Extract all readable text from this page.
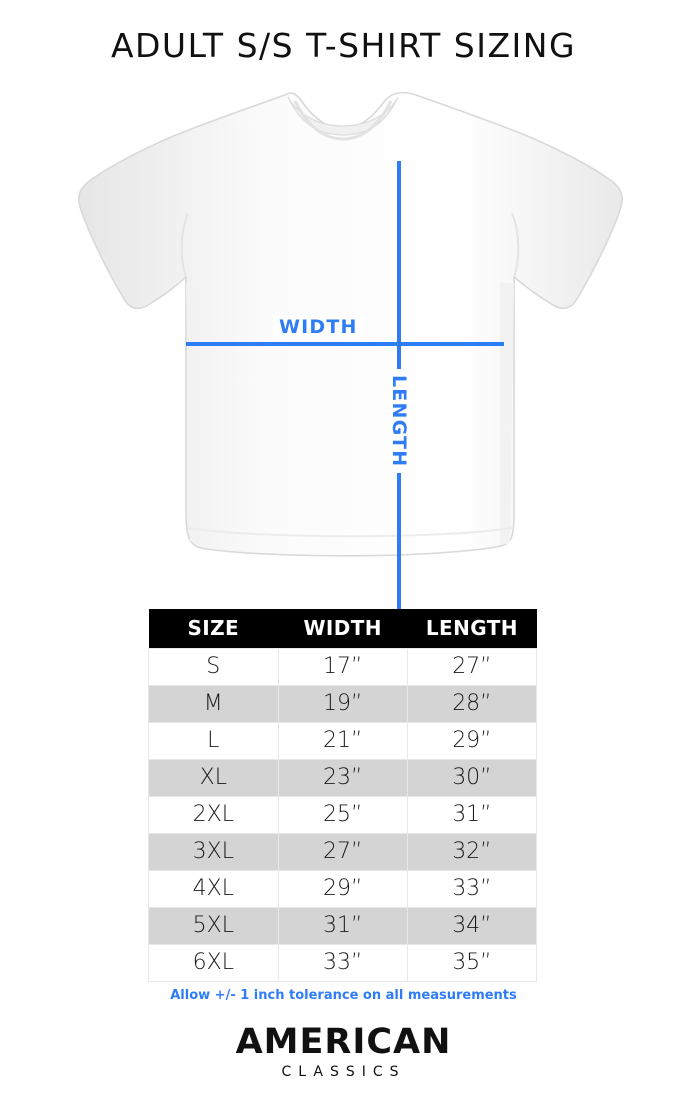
ADULT S/S T-SHIRT SIZING
WIDTH
LENGTH
SIZE	WIDTH	LENGTH
S	17”	27”
M	19”	28”
L	21”	29”
XL	23”	30”
2XL	25”	31”
3XL	27”	32”
4XL	29”	33”
5XL	31”	34”
6XL	33”	35”
Allow +/- 1 inch tolerance on all measurements
AMERICAN
CLASSICS
